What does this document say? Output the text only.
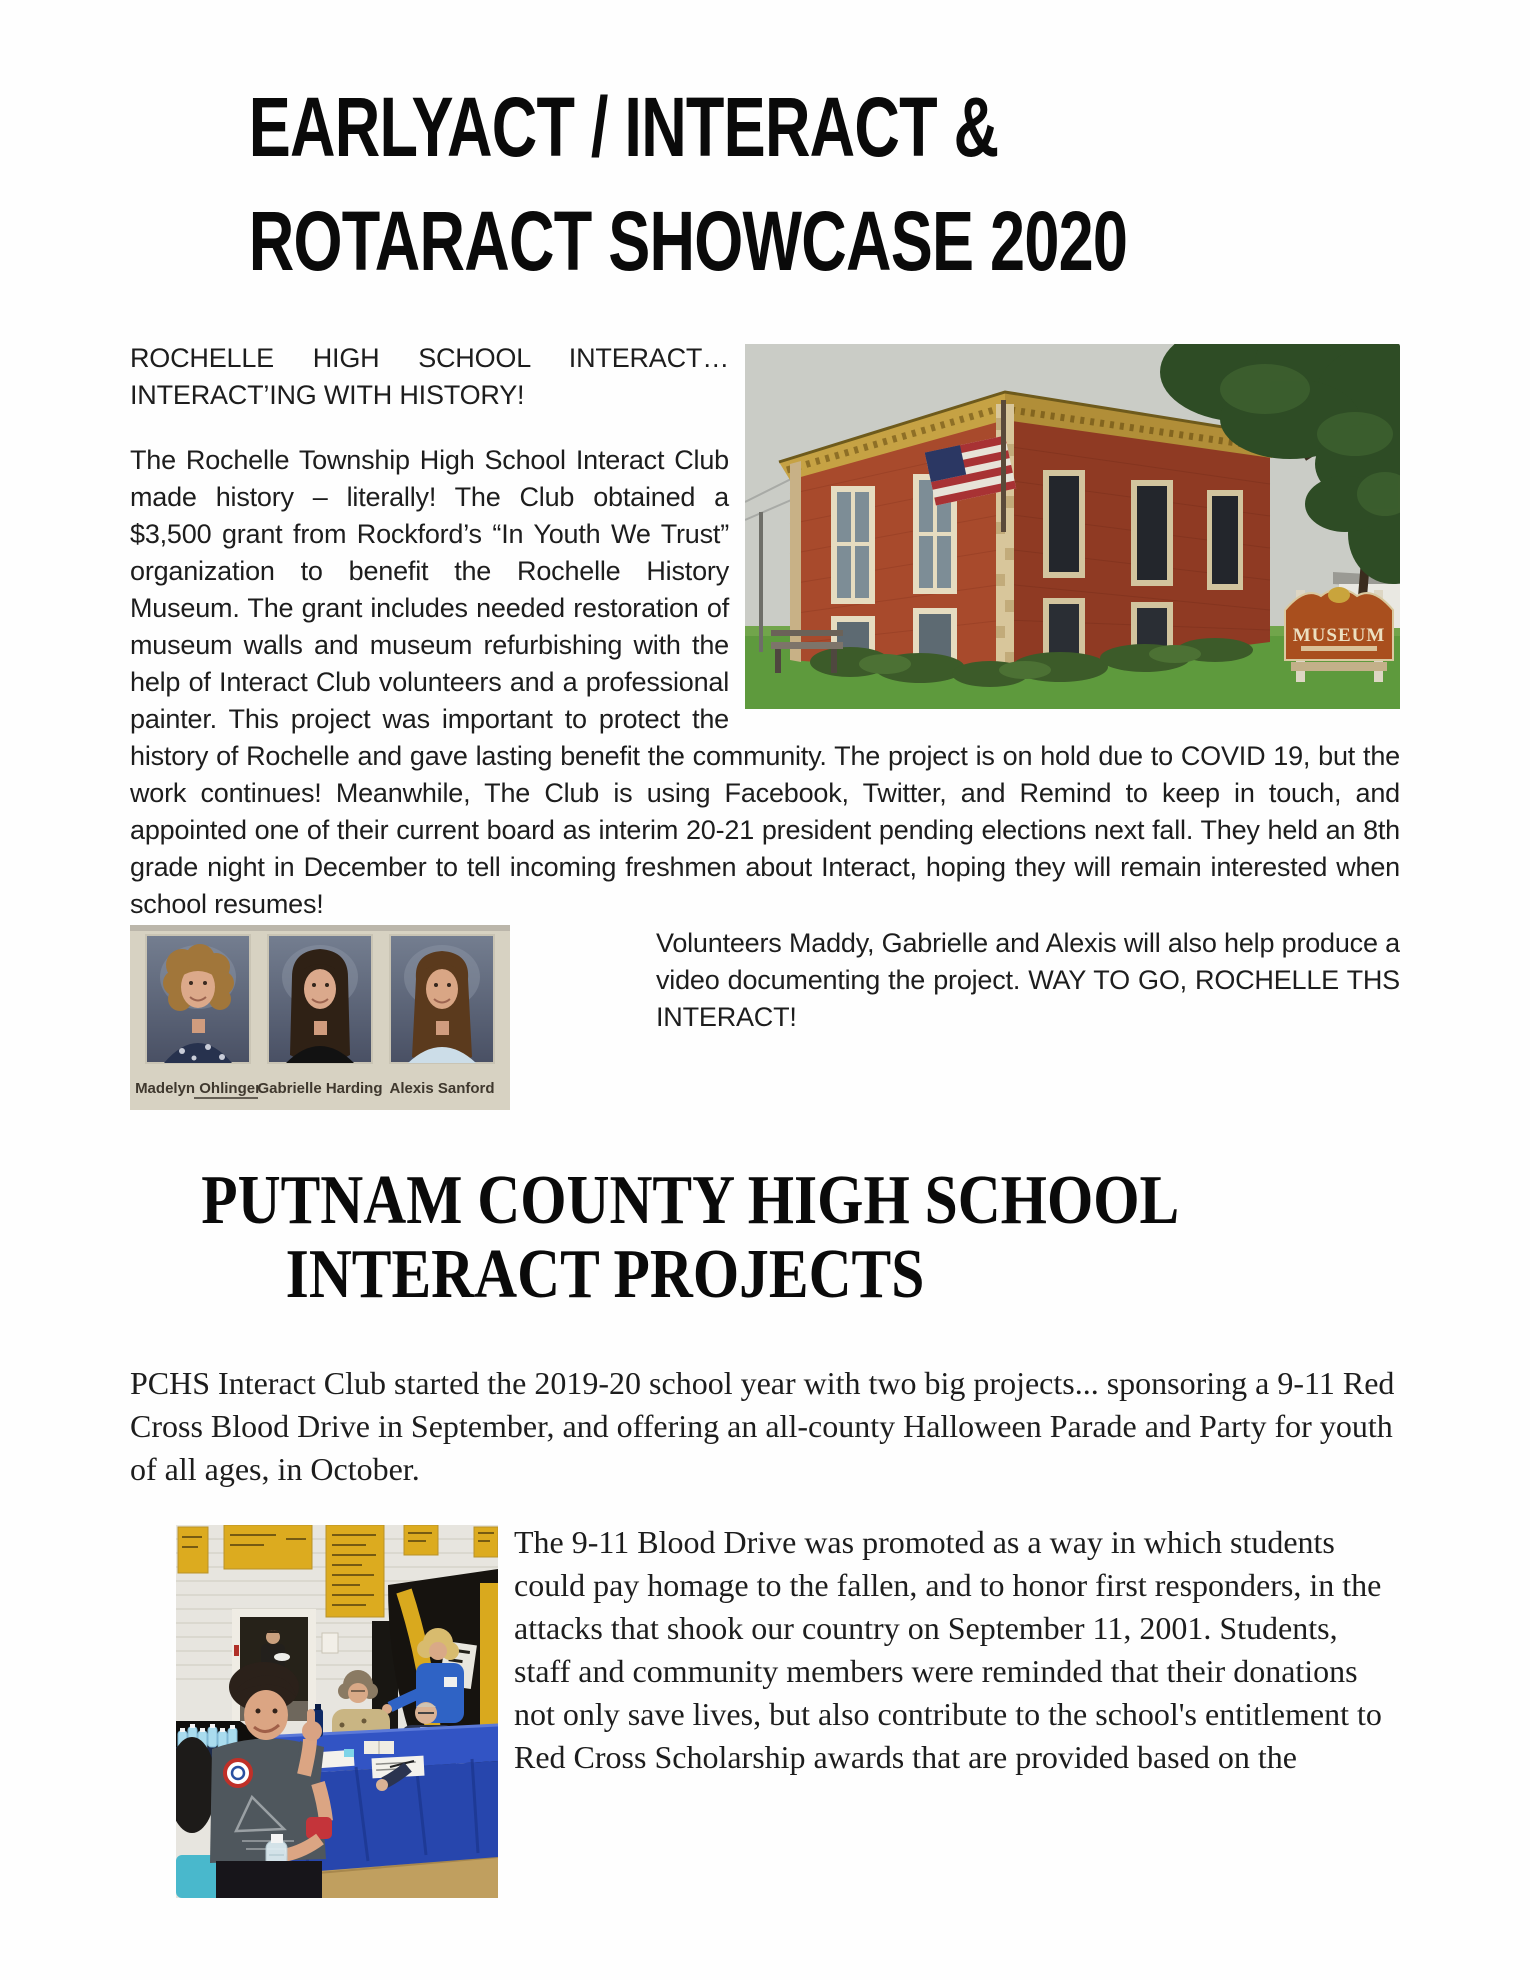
EARLYACT / INTERACT &
ROTARACT SHOWCASE 2020
MUSEUM

ROCHELLE HIGH SCHOOL INTERACT… INTERACT’ING WITH HISTORY!

The Rochelle Township High School Interact Club made history – literally! The Club obtained a $3,500 grant from Rockford’s “In Youth We Trust” organization to benefit the Rochelle History Museum. The grant includes needed restoration of museum walls and museum refurbishing with the help of Interact Club volunteers and a professional painter. This project was important to protect the history of Rochelle and gave lasting benefit the community. The project is on hold due to COVID 19, but the work continues! Meanwhile, The Club is using Facebook, Twitter, and Remind to keep in touch, and appointed one of their current board as interim 20-21 president pending elections next fall. They held an 8th grade night in December to tell incoming freshmen about Interact, hoping they will remain interested when school resumes!

Madelyn Ohlinger
Gabrielle Harding Alexis Sanford

Volunteers Maddy, Gabrielle and Alexis will also help produce a video documenting the project. WAY TO GO, ROCHELLE THS INTERACT!

PUTNAM COUNTY HIGH SCHOOL
INTERACT PROJECTS

PCHS Interact Club started the 2019-20 school year with two big projects... sponsoring a 9-11 Red Cross Blood Drive in September, and offering an all-county Halloween Parade and Party for youth of all ages, in October.

The 9-11 Blood Drive was promoted as a way in which students could pay homage to the fallen, and to honor first responders, in the attacks that shook our country on September 11, 2001. Students, staff and community members were reminded that their donations not only save lives, but also contribute to the school's entitlement to Red Cross Scholarship awards that are provided based on the
